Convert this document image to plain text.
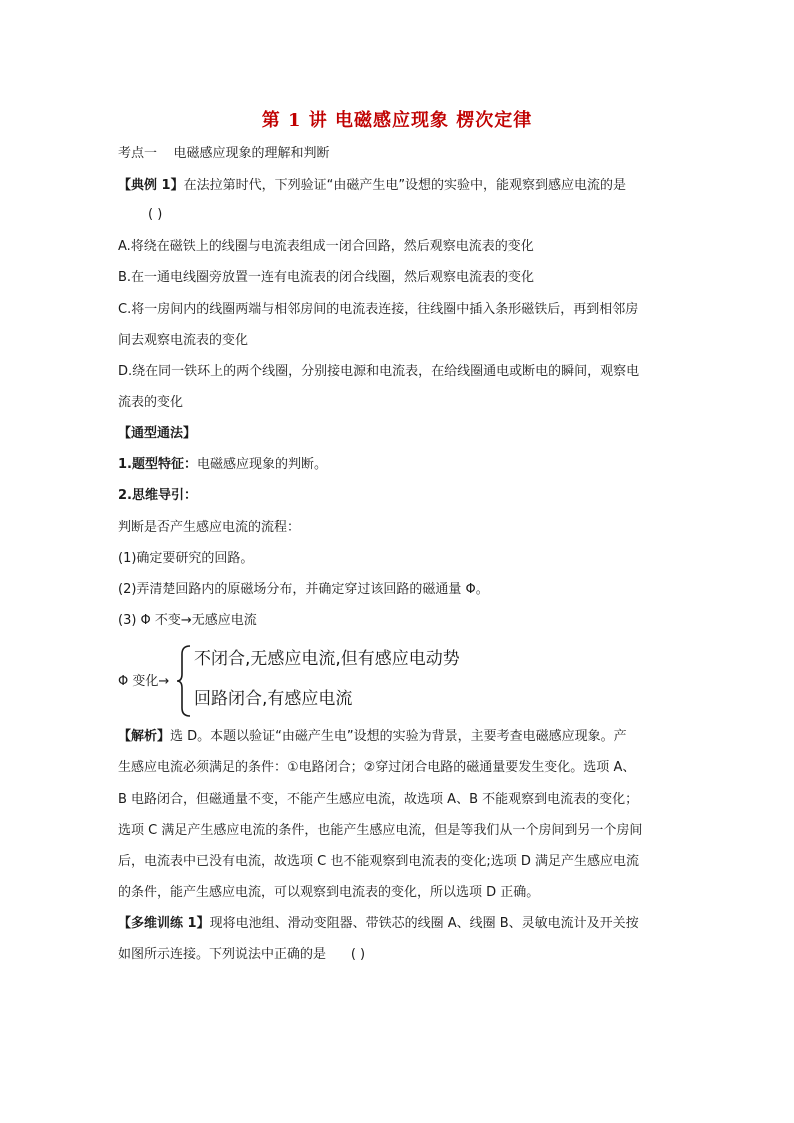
第 1 讲 电磁感应现象 楞次定律
考点一 电磁感应现象的理解和判断
【典例 1】在法拉第时代，下列验证“由磁产生电”设想的实验中，能观察到感应电流的是
( )
A.将绕在磁铁上的线圈与电流表组成一闭合回路，然后观察电流表的变化
B.在一通电线圈旁放置一连有电流表的闭合线圈，然后观察电流表的变化
C.将一房间内的线圈两端与相邻房间的电流表连接，往线圈中插入条形磁铁后，再到相邻房
间去观察电流表的变化
D.绕在同一铁环上的两个线圈，分别接电源和电流表，在给线圈通电或断电的瞬间，观察电
流表的变化
【通型通法】
1.题型特征：电磁感应现象的判断。
2.思维导引：
判断是否产生感应电流的流程：
(1)确定要研究的回路。
(2)弄清楚回路内的原磁场分布，并确定穿过该回路的磁通量 Φ。
(3) Φ 不变→无感应电流
Φ 变化→
不闭合,无感应电流,但有感应电动势
回路闭合,有感应电流
【解析】选 D。本题以验证“由磁产生电”设想的实验为背景，主要考查电磁感应现象。产
生感应电流必须满足的条件：①电路闭合；②穿过闭合电路的磁通量要发生变化。选项 A、
B 电路闭合，但磁通量不变，不能产生感应电流，故选项 A、B 不能观察到电流表的变化；
选项 C 满足产生感应电流的条件，也能产生感应电流，但是等我们从一个房间到另一个房间
后，电流表中已没有电流，故选项 C 也不能观察到电流表的变化;选项 D 满足产生感应电流
的条件，能产生感应电流，可以观察到电流表的变化，所以选项 D 正确。
【多维训练 1】现将电池组、滑动变阻器、带铁芯的线圈 A、线圈 B、灵敏电流计及开关按
如图所示连接。下列说法中正确的是 ( )
